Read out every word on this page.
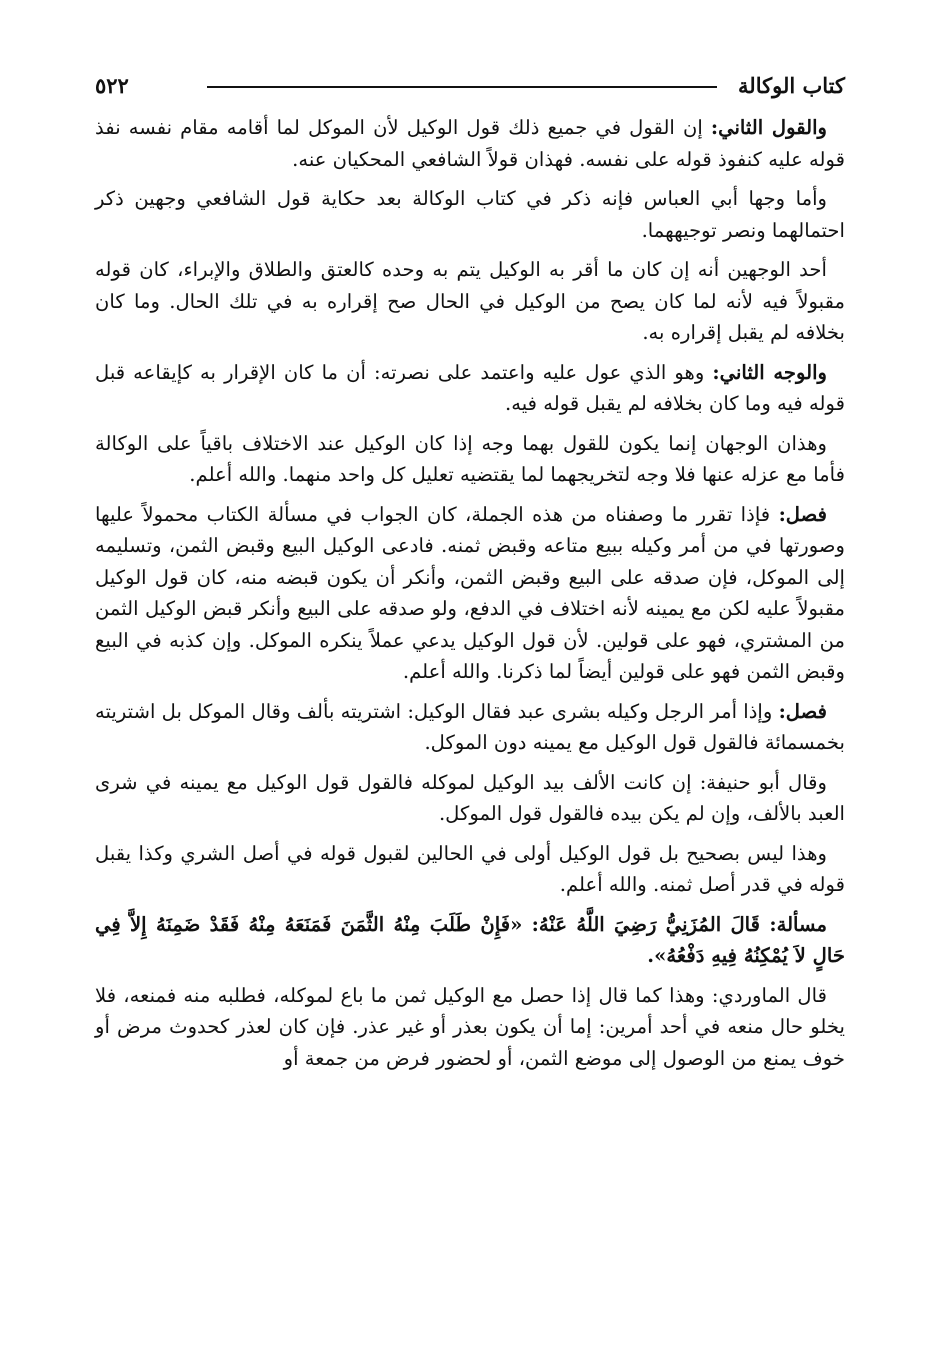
كتاب الوكالة
٥٢٢

والقول الثاني: إن القول في جميع ذلك قول الوكيل لأن الموكل لما أقامه مقام نفسه نفذ قوله عليه كنفوذ قوله على نفسه. فهذان قولاً الشافعي المحكيان عنه.

وأما وجها أبي العباس فإنه ذكر في كتاب الوكالة بعد حكاية قول الشافعي وجهين ذكر احتمالهما ونصر توجيههما.

أحد الوجهين أنه إن كان ما أقر به الوكيل يتم به وحده كالعتق والطلاق والإبراء، كان قوله مقبولاً فيه لأنه لما كان يصح من الوكيل في الحال صح إقراره به في تلك الحال. وما كان بخلافه لم يقبل إقراره به.

والوجه الثاني: وهو الذي عول عليه واعتمد على نصرته: أن ما كان الإقرار به كإيقاعه قبل قوله فيه وما كان بخلافه لم يقبل قوله فيه.

وهذان الوجهان إنما يكون للقول بهما وجه إذا كان الوكيل عند الاختلاف باقياً على الوكالة فأما مع عزله عنها فلا وجه لتخريجهما لما يقتضيه تعليل كل واحد منهما. والله أعلم.

فصل: فإذا تقرر ما وصفناه من هذه الجملة، كان الجواب في مسألة الكتاب محمولاً عليها وصورتها في من أمر وكيله ببيع متاعه وقبض ثمنه. فادعى الوكيل البيع وقبض الثمن، وتسليمه إلى الموكل، فإن صدقه على البيع وقبض الثمن، وأنكر أن يكون قبضه منه، كان قول الوكيل مقبولاً عليه لكن مع يمينه لأنه اختلاف في الدفع، ولو صدقه على البيع وأنكر قبض الوكيل الثمن من المشتري، فهو على قولين. لأن قول الوكيل يدعي عملاً ينكره الموكل. وإن كذبه في البيع وقبض الثمن فهو على قولين أيضاً لما ذكرنا. والله أعلم.

فصل: وإذا أمر الرجل وكيله بشرى عبد فقال الوكيل: اشتريته بألف وقال الموكل بل اشتريته بخمسمائة فالقول قول الوكيل مع يمينه دون الموكل.

وقال أبو حنيفة: إن كانت الألف بيد الوكيل لموكله فالقول قول الوكيل مع يمينه في شرى العبد بالألف، وإن لم يكن بيده فالقول قول الموكل.

وهذا ليس بصحيح بل قول الوكيل أولى في الحالين لقبول قوله في أصل الشري وكذا يقبل قوله في قدر أصل ثمنه. والله أعلم.

مسألة: قَالَ المُزَنِيُّ رَضِيَ اللَّهُ عَنْهُ: «فَإِنْ طَلَبَ مِنْهُ الثَّمَنَ فَمَنَعَهُ مِنْهُ فَقَدْ ضَمِنَهُ إِلاَّ فِي حَالٍ لاَ يُمْكِنُهُ فِيهِ دَفْعُهُ».

قال الماوردي: وهذا كما قال إذا حصل مع الوكيل ثمن ما باع لموكله، فطلبه منه فمنعه، فلا يخلو حال منعه في أحد أمرين: إما أن يكون بعذر أو غير عذر. فإن كان لعذر كحدوث مرض أو خوف يمنع من الوصول إلى موضع الثمن، أو لحضور فرض من جمعة أو
